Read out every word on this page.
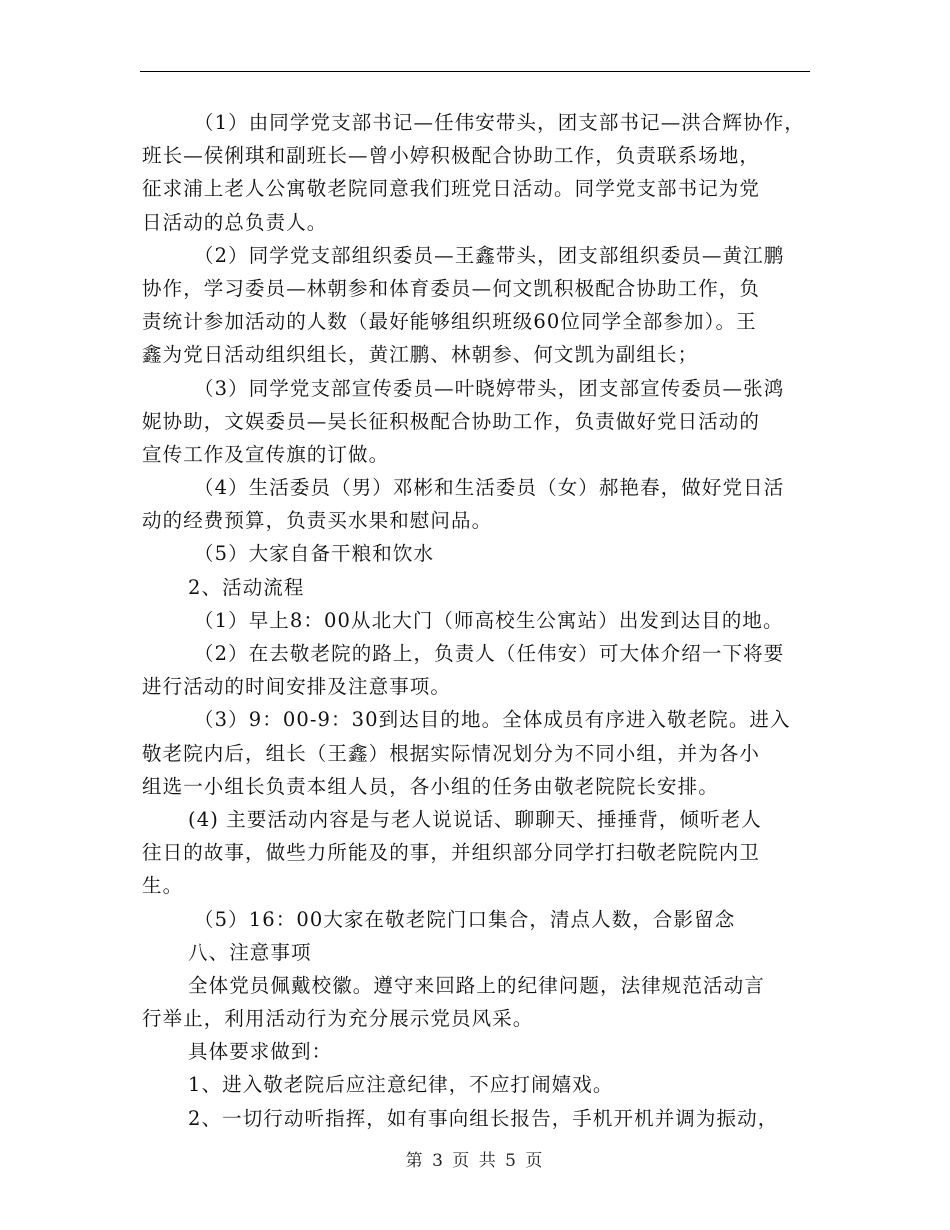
（1）由同学党支部书记—任伟安带头，团支部书记—洪合辉协作，
班长—侯俐琪和副班长—曾小婷积极配合协助工作，负责联系场地，
征求浦上老人公寓敬老院同意我们班党日活动。同学党支部书记为党
日活动的总负责人。
（2）同学党支部组织委员—王鑫带头，团支部组织委员—黄江鹏
协作，学习委员—林朝参和体育委员—何文凯积极配合协助工作，负
责统计参加活动的人数（最好能够组织班级60位同学全部参加）。王
鑫为党日活动组织组长，黄江鹏、林朝参、何文凯为副组长；
（3）同学党支部宣传委员—叶晓婷带头，团支部宣传委员—张鸿
妮协助，文娱委员—吴长征积极配合协助工作，负责做好党日活动的
宣传工作及宣传旗的订做。
（4）生活委员（男）邓彬和生活委员（女）郝艳春，做好党日活
动的经费预算，负责买水果和慰问品。
（5）大家自备干粮和饮水
2、活动流程
（1）早上8：00从北大门（师高校生公寓站）出发到达目的地。
（2）在去敬老院的路上，负责人（任伟安）可大体介绍一下将要
进行活动的时间安排及注意事项。
（3）9：00-9：30到达目的地。全体成员有序进入敬老院。进入
敬老院内后，组长（王鑫）根据实际情况划分为不同小组，并为各小
组选一小组长负责本组人员，各小组的任务由敬老院院长安排。
(4) 主要活动内容是与老人说说话、聊聊天、捶捶背，倾听老人
往日的故事，做些力所能及的事，并组织部分同学打扫敬老院院内卫
生。
（5）16：00大家在敬老院门口集合，清点人数，合影留念
八、注意事项
全体党员佩戴校徽。遵守来回路上的纪律问题，法律规范活动言
行举止，利用活动行为充分展示党员风采。
具体要求做到：
1、进入敬老院后应注意纪律，不应打闹嬉戏。
2、一切行动听指挥，如有事向组长报告，手机开机并调为振动，
第 3 页 共 5 页
